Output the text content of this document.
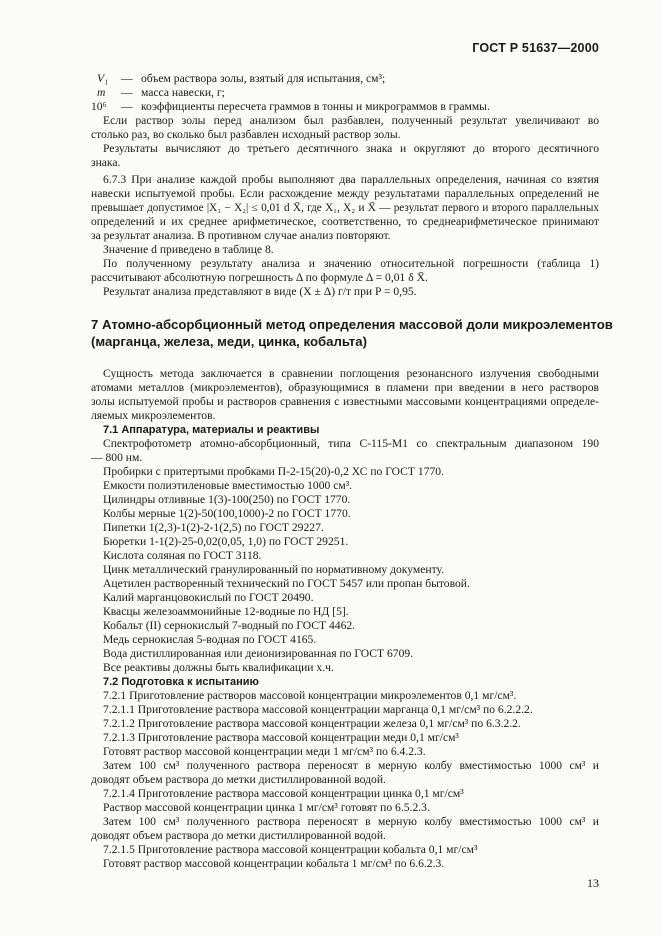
ГОСТ Р 51637—2000
V₁ — объем раствора золы, взятый для испытания, см³;
m — масса навески, г;
10⁶ — коэффициенты пересчета граммов в тонны и микрограммов в граммы.
Если раствор золы перед анализом был разбавлен, полученный результат увеличивают во
столько раз, во сколько был разбавлен исходный раствор золы.
Результаты вычисляют до третьего десятичного знака и округляют до второго десятичного
знака.
6.7.3 При анализе каждой пробы выполняют два параллельных определения, начиная со взятия
навески испытуемой пробы. Если расхождение между результатами параллельных определений не
превышает допустимое |X₁ − X₂| ≤ 0,01 d X̄, где X₁, X₂ и X̄ — результат первого и второго параллельных
определений и их среднее арифметическое, соответственно, то среднеарифметическое принимают
за результат анализа. В противном случае анализ повторяют.
Значение d приведено в таблице 8.
По полученному результату анализа и значению относительной погрешности (таблица 1)
рассчитывают абсолютную погрешность Δ по формуле Δ = 0,01 δ X̄.
Результат анализа представляют в виде (X ± Δ) г/т при P = 0,95.
7 Атомно-абсорбционный метод определения массовой доли микроэлементов
(марганца, железа, меди, цинка, кобальта)
Сущность метода заключается в сравнении поглощения резонансного излучения свободными
атомами металлов (микроэлементов), образующимися в пламени при введении в него растворов
золы испытуемой пробы и растворов сравнения с известными массовыми концентрациями определе-
ляемых микроэлементов.
7.1 Аппаратура, материалы и реактивы
Спектрофотометр атомно-абсорбционный, типа С-115-М1 со спектральным диапазоном 190
— 800 нм.
Пробирки с притертыми пробками П-2-15(20)-0,2 ХС по ГОСТ 1770.
Емкости полиэтиленовые вместимостью 1000 см³.
Цилиндры отливные 1(3)-100(250) по ГОСТ 1770.
Колбы мерные 1(2)-50(100,1000)-2 по ГОСТ 1770.
Пипетки 1(2,3)-1(2)-2-1(2,5) по ГОСТ 29227.
Бюретки 1-1(2)-25-0,02(0,05, 1,0) по ГОСТ 29251.
Кислота соляная по ГОСТ 3118.
Цинк металлический гранулированный по нормативному документу.
Ацетилен растворенный технический по ГОСТ 5457 или пропан бытовой.
Калий марганцовокислый по ГОСТ 20490.
Квасцы железоаммонийные 12-водные по НД [5].
Кобальт (II) сернокислый 7-водный по ГОСТ 4462.
Медь сернокислая 5-водная по ГОСТ 4165.
Вода дистиллированная или деионизированная по ГОСТ 6709.
Все реактивы должны быть квалификации х.ч.
7.2 Подготовка к испытанию
7.2.1 Приготовление растворов массовой концентрации микроэлементов 0,1 мг/см³.
7.2.1.1 Приготовление раствора массовой концентрации марганца 0,1 мг/см³ по 6.2.2.2.
7.2.1.2 Приготовление раствора массовой концентрации железа 0,1 мг/см³ по 6.3.2.2.
7.2.1.3 Приготовление раствора массовой концентрации меди 0,1 мг/см³
Готовят раствор массовой концентрации меди 1 мг/см³ по 6.4.2.3.
Затем 100 см³ полученного раствора переносят в мерную колбу вместимостью 1000 см³ и
доводят объем раствора до метки дистиллированной водой.
7.2.1.4 Приготовление раствора массовой концентрации цинка 0,1 мг/см³
Раствор массовой концентрации цинка 1 мг/см³ готовят по 6.5.2.3.
Затем 100 см³ полученного раствора переносят в мерную колбу вместимостью 1000 см³ и
доводят объем раствора до метки дистиллированной водой.
7.2.1.5 Приготовление раствора массовой концентрации кобальта 0,1 мг/см³
Готовят раствор массовой концентрации кобальта 1 мг/см³ по 6.6.2.3.
13
